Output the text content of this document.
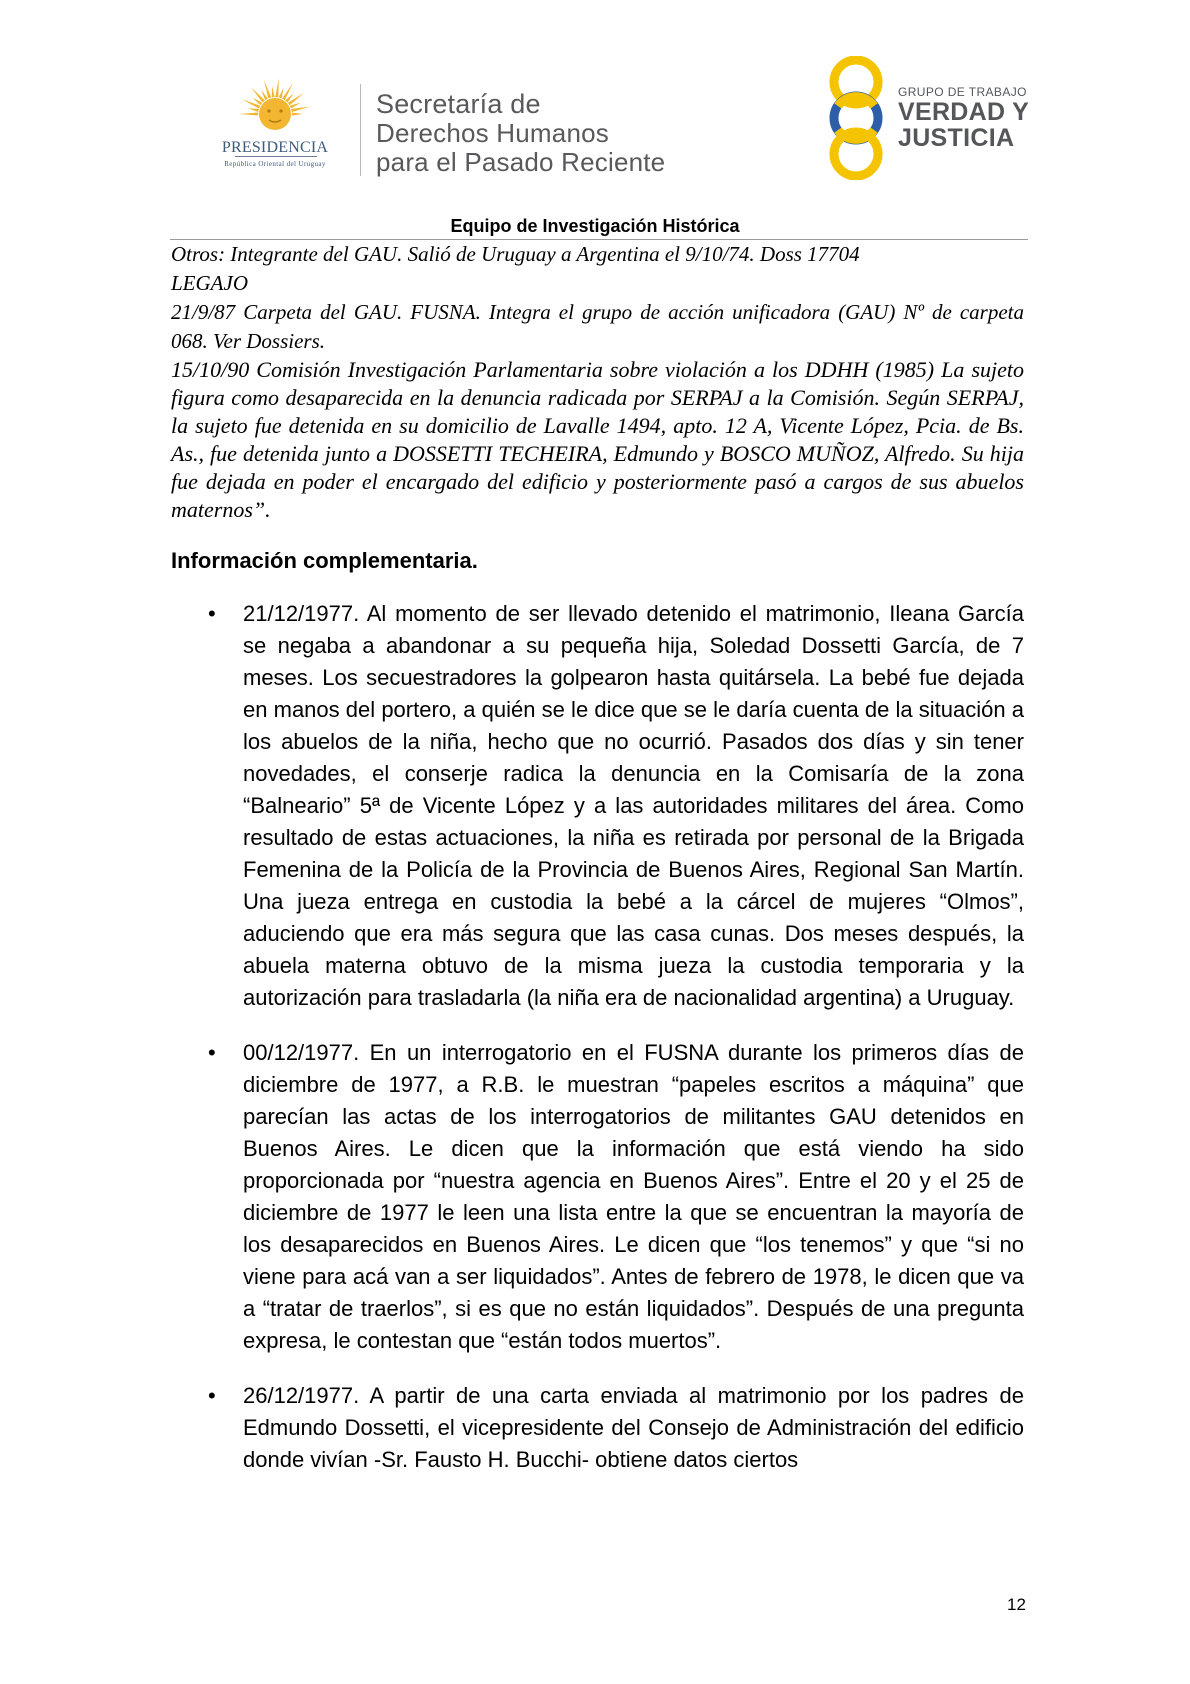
PRESIDENCIA
República Oriental del Uruguay
Secretaría de
Derechos Humanos
para el Pasado Reciente
GRUPO DE TRABAJO
VERDAD Y
JUSTICIA
Equipo de Investigación Histórica

Otros: Integrante del GAU. Salió de Uruguay a Argentina el 9/10/74. Doss 17704

LEGAJO

21/9/87 Carpeta del GAU. FUSNA. Integra el grupo de acción unificadora (GAU) Nº de carpeta 068. Ver Dossiers.

15/10/90 Comisión Investigación Parlamentaria sobre violación a los DDHH (1985) La sujeto figura como desaparecida en la denuncia radicada por SERPAJ a la Comisión. Según SERPAJ, la sujeto fue detenida en su domicilio de Lavalle 1494, apto. 12 A, Vicente López, Pcia. de Bs. As., fue detenida junto a DOSSETTI TECHEIRA, Edmundo y BOSCO MUÑOZ, Alfredo. Su hija fue dejada en poder el encargado del edificio y posteriormente pasó a cargos de sus abuelos maternos”.

Información complementaria.
• 21/12/1977. Al momento de ser llevado detenido el matrimonio, Ileana García se negaba a abandonar a su pequeña hija, Soledad Dossetti García, de 7 meses. Los secuestradores la golpearon hasta quitársela. La bebé fue dejada en manos del portero, a quién se le dice que se le daría cuenta de la situación a los abuelos de la niña, hecho que no ocurrió. Pasados dos días y sin tener novedades, el conserje radica la denuncia en la Comisaría de la zona “Balneario” 5ª de Vicente López y a las autoridades militares del área. Como resultado de estas actuaciones, la niña es retirada por personal de la Brigada Femenina de la Policía de la Provincia de Buenos Aires, Regional San Martín. Una jueza entrega en custodia la bebé a la cárcel de mujeres “Olmos”, aduciendo que era más segura que las casa cunas. Dos meses después, la abuela materna obtuvo de la misma jueza la custodia temporaria y la autorización para trasladarla (la niña era de nacionalidad argentina) a Uruguay.

• 00/12/1977. En un interrogatorio en el FUSNA durante los primeros días de diciembre de 1977, a R.B. le muestran “papeles escritos a máquina” que parecían las actas de los interrogatorios de militantes GAU detenidos en Buenos Aires. Le dicen que la información que está viendo ha sido proporcionada por “nuestra agencia en Buenos Aires”. Entre el 20 y el 25 de diciembre de 1977 le leen una lista entre la que se encuentran la mayoría de los desaparecidos en Buenos Aires. Le dicen que “los tenemos” y que “si no viene para acá van a ser liquidados”. Antes de febrero de 1978, le dicen que va a “tratar de traerlos”, si es que no están liquidados”. Después de una pregunta expresa, le contestan que “están todos muertos”.

• 26/12/1977. A partir de una carta enviada al matrimonio por los padres de Edmundo Dossetti, el vicepresidente del Consejo de Administración del edificio donde vivían -Sr. Fausto H. Bucchi- obtiene datos ciertos

12
